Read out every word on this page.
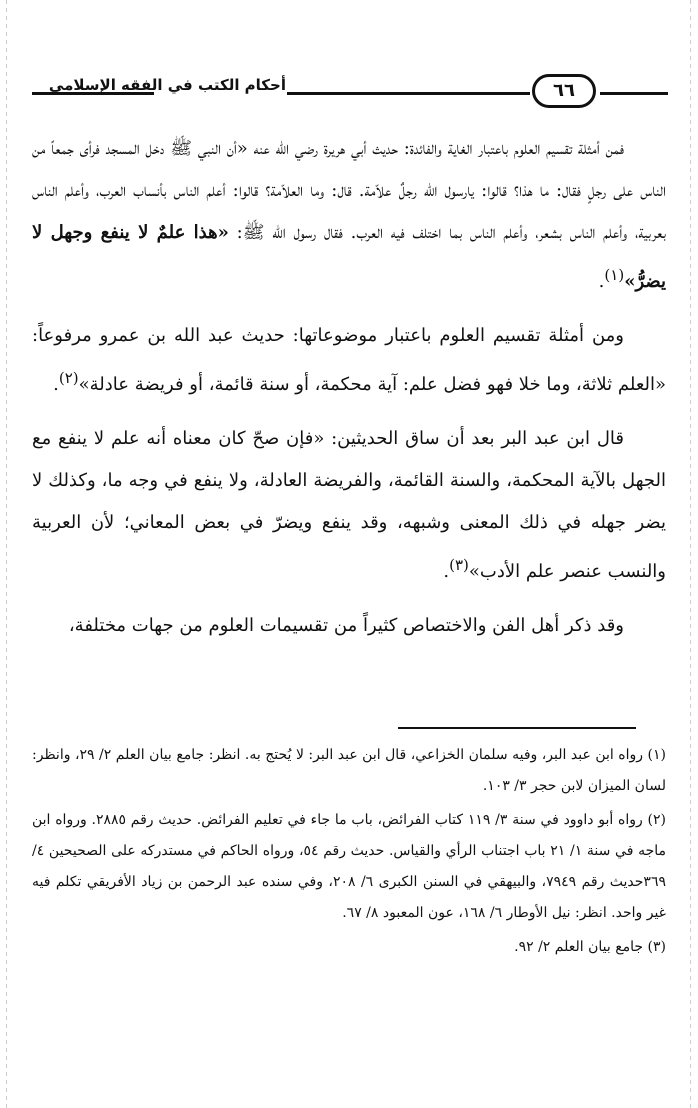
أحكام الكتب في الفقه الإسلامي	٦٦

فمن أمثلة تقسيم العلوم باعتبار الغاية والفائدة: حديث أبي هريرة رضي الله عنه «أن النبي ﷺ دخل المسجد فرأى جمعاً من الناس على رجلٍ فقال: ما هذا؟ قالوا: يارسول الله رجلٌ علاّمة. قال: وما العلاّمة؟ قالوا: أعلم الناس بأنساب العرب، وأعلم الناس بعربية، وأعلم الناس بشعر، وأعلم الناس بما اختلف فيه العرب. فقال رسول الله ﷺ: «هذا علمٌ لا ينفع وجهل لا يضرُّ»$^{(١)}$.

ومن أمثلة تقسيم العلوم باعتبار موضوعاتها: حديث عبد الله بن عمرو مرفوعاً: «العلم ثلاثة، وما خلا فهو فضل علم: آية محكمة، أو سنة قائمة، أو فريضة عادلة»$^{(٢)}$.

قال ابن عبد البر بعد أن ساق الحديثين: «فإن صحّ كان معناه أنه علم لا ينفع مع الجهل بالآية المحكمة، والسنة القائمة، والفريضة العادلة، ولا ينفع في وجه ما، وكذلك لا يضر جهله في ذلك المعنى وشبهه، وقد ينفع ويضرّ في بعض المعاني؛ لأن العربية والنسب عنصر علم الأدب»$^{(٣)}$.

وقد ذكر أهل الفن والاختصاص كثيراً من تقسيمات العلوم من جهات مختلفة،

(١) رواه ابن عبد البر، وفيه سلمان الخزاعي، قال ابن عبد البر: لا يُحتج به. انظر: جامع بيان العلم ٢/ ٢٩، وانظر: لسان الميزان لابن حجر ٣/ ١٠٣.

(٢) رواه أبو داوود في سنة ٣/ ١١٩ كتاب الفرائض، باب ما جاء في تعليم الفرائض. حديث رقم ٢٨٨٥. ورواه ابن ماجه في سنة ١/ ٢١ باب اجتناب الرأي والقياس. حديث رقم ٥٤، ورواه الحاكم في مستدركه على الصحيحين ٤/ ٣٦٩حديث رقم ٧٩٤٩، والبيهقي في السنن الكبرى ٦/ ٢٠٨، وفي سنده عبد الرحمن بن زياد الأفريقي تكلم فيه غير واحد. انظر: نيل الأوطار ٦/ ١٦٨، عون المعبود ٨/ ٦٧.

(٣) جامع بيان العلم ٢/ ٩٢.
